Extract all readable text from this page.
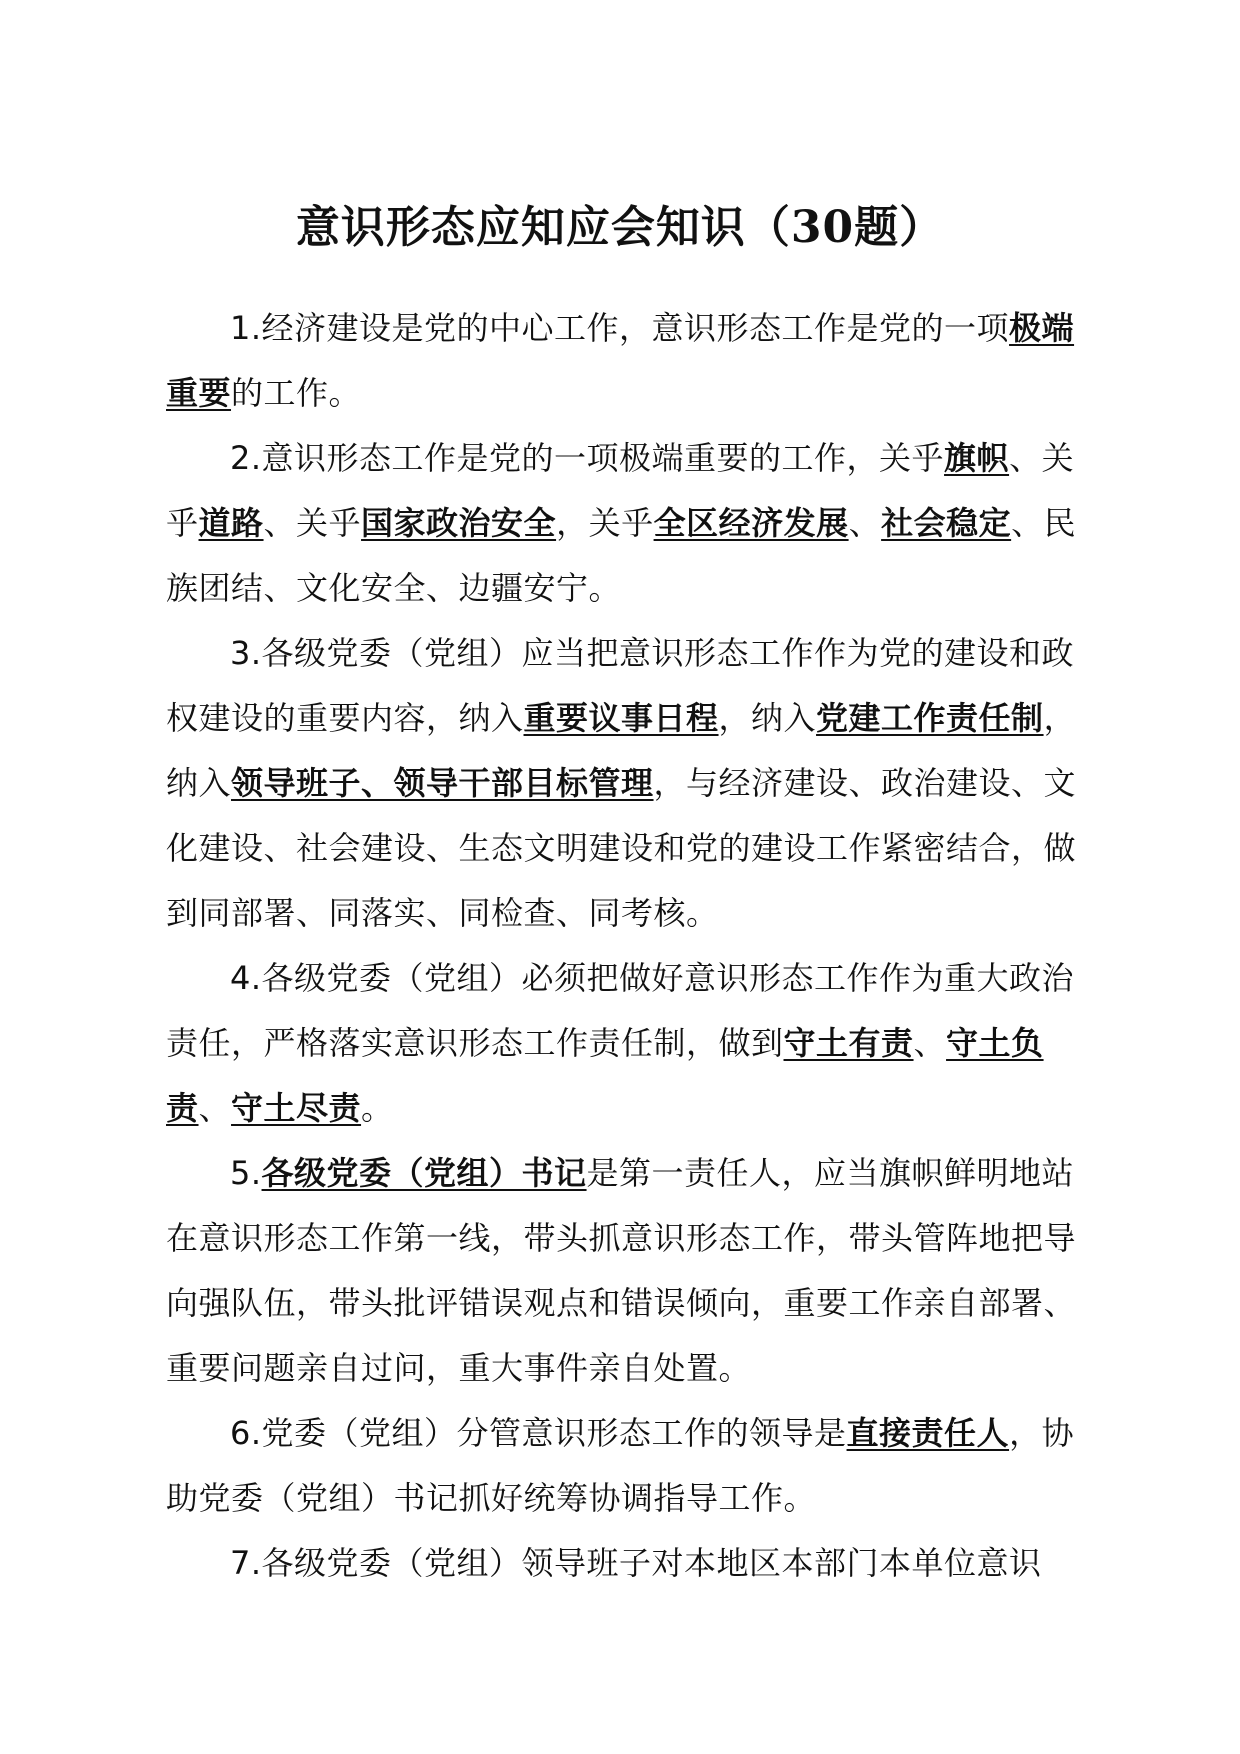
意识形态应知应会知识（30题）

1.经济建设是党的中心工作，意识形态工作是党的一项极端重要的工作。

2.意识形态工作是党的一项极端重要的工作，关乎旗帜、关乎道路、关乎国家政治安全，关乎全区经济发展、社会稳定、民族团结、文化安全、边疆安宁。

3.各级党委（党组）应当把意识形态工作作为党的建设和政权建设的重要内容，纳入重要议事日程，纳入党建工作责任制，纳入领导班子、领导干部目标管理，与经济建设、政治建设、文化建设、社会建设、生态文明建设和党的建设工作紧密结合，做到同部署、同落实、同检查、同考核。

4.各级党委（党组）必须把做好意识形态工作作为重大政治责任，严格落实意识形态工作责任制，做到守土有责、守土负责、守土尽责。

5.各级党委（党组）书记是第一责任人，应当旗帜鲜明地站在意识形态工作第一线，带头抓意识形态工作，带头管阵地把导向强队伍，带头批评错误观点和错误倾向，重要工作亲自部署、重要问题亲自过问，重大事件亲自处置。

6.党委（党组）分管意识形态工作的领导是直接责任人，协助党委（党组）书记抓好统筹协调指导工作。

7.各级党委（党组）领导班子对本地区本部门本单位意识
